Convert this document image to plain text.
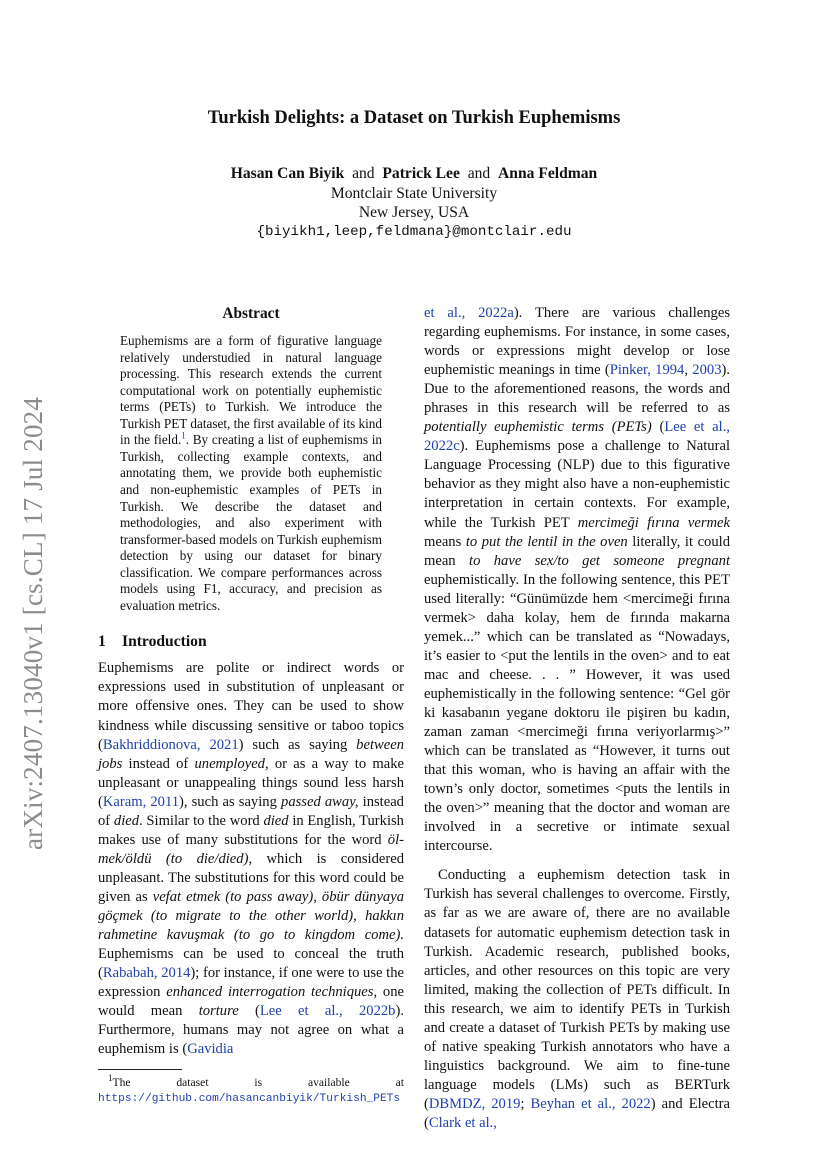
arXiv:2407.13040v1 [cs.CL] 17 Jul 2024
Turkish Delights: a Dataset on Turkish Euphemisms
Hasan Can Biyik and Patrick Lee and Anna Feldman
Montclair State University
New Jersey, USA
{biyikh1,leep,feldmana}@montclair.edu
Abstract
Euphemisms are a form of figurative language relatively understudied in natural language processing. This research extends the current computational work on potentially euphemistic terms (PETs) to Turkish. We introduce the Turkish PET dataset, the first available of its kind in the field.$^1$. By creating a list of euphemisms in Turkish, collecting example contexts, and annotating them, we provide both euphemistic and non-euphemistic examples of PETs in Turkish. We describe the dataset and methodologies, and also experiment with transformer-based models on Turkish euphemism detection by using our dataset for binary classification. We compare performances across models using F1, accuracy, and precision as evaluation metrics.
1 Introduction

Euphemisms are polite or indirect words or expressions used in substitution of unpleasant or more offensive ones. They can be used to show kindness while discussing sensitive or taboo topics (Bakhriddionova, 2021) such as saying between jobs instead of unemployed, or as a way to make unpleasant or unappealing things sound less harsh (Karam, 2011), such as saying passed away, instead of died. Similar to the word died in English, Turkish makes use of many substitutions for the word öl-mek/öldü (to die/died), which is considered unpleasant. The substitutions for this word could be given as vefat etmek (to pass away), öbür dünyaya göçmek (to migrate to the other world), hakkın rahmetine kavuşmak (to go to kingdom come). Euphemisms can be used to conceal the truth (Rababah, 2014); for instance, if one were to use the expression enhanced interrogation techniques, one would mean torture (Lee et al., 2022b). Furthermore, humans may not agree on what a euphemism is (Gavidia

$^1$The dataset is available at https://github.com/hasancanbiyik/Turkish_PETs

et al., 2022a). There are various challenges regarding euphemisms. For instance, in some cases, words or expressions might develop or lose euphemistic meanings in time (Pinker, 1994, 2003). Due to the aforementioned reasons, the words and phrases in this research will be referred to as potentially euphemistic terms (PETs) (Lee et al., 2022c). Euphemisms pose a challenge to Natural Language Processing (NLP) due to this figurative behavior as they might also have a non-euphemistic interpretation in certain contexts. For example, while the Turkish PET mercimeği fırına vermek means to put the lentil in the oven literally, it could mean to have sex/to get someone pregnant euphemistically. In the following sentence, this PET used literally: “Günümüzde hem <mercimeği fırına vermek> daha kolay, hem de fırında makarna yemek...” which can be translated as “Nowadays, it’s easier to <put the lentils in the oven> and to eat mac and cheese. . . ” However, it was used euphemistically in the following sentence: “Gel gör ki kasabanın yegane doktoru ile pişiren bu kadın, zaman zaman <mercimeği fırına veriyorlarmış>” which can be translated as “However, it turns out that this woman, who is having an affair with the town’s only doctor, sometimes <puts the lentils in the oven>” meaning that the doctor and woman are involved in a secretive or intimate sexual intercourse.

Conducting a euphemism detection task in Turkish has several challenges to overcome. Firstly, as far as we are aware of, there are no available datasets for automatic euphemism detection task in Turkish. Academic research, published books, articles, and other resources on this topic are very limited, making the collection of PETs difficult. In this research, we aim to identify PETs in Turkish and create a dataset of Turkish PETs by making use of native speaking Turkish annotators who have a linguistics background. We aim to fine-tune language models (LMs) such as BERTurk (DBMDZ, 2019; Beyhan et al., 2022) and Electra (Clark et al.,
